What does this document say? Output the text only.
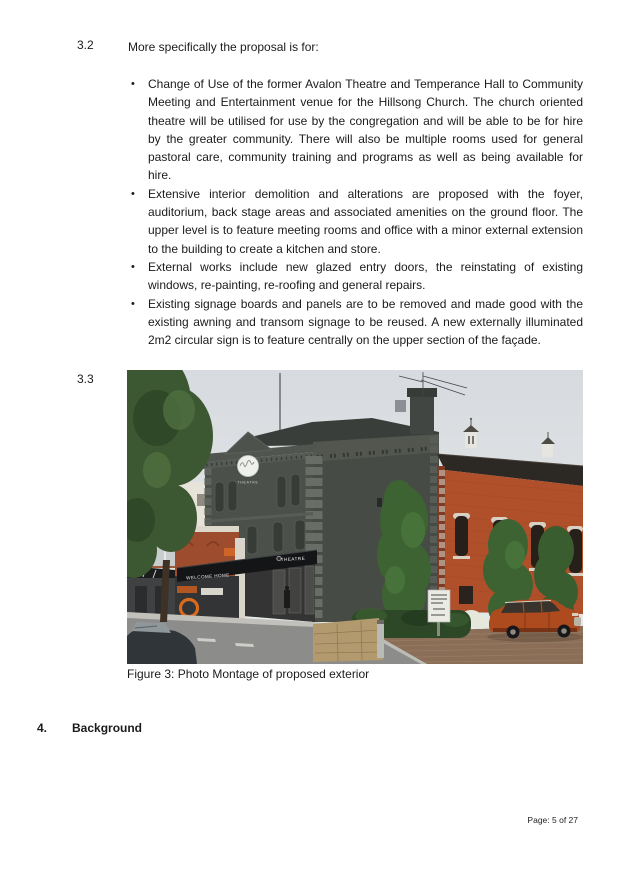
3.2	More specifically the proposal is for:
• Change of Use of the former Avalon Theatre and Temperance Hall to Community Meeting and Entertainment venue for the Hillsong Church. The church oriented theatre will be utilised for use by the congregation and will be able to be for hire by the greater community. There will also be multiple rooms used for general pastoral care, community training and programs as well as being available for hire.
• Extensive interior demolition and alterations are proposed with the foyer, auditorium, back stage areas and associated amenities on the ground floor. The upper level is to feature meeting rooms and office with a minor external extension to the building to create a kitchen and store.
• External works include new glazed entry doors, the reinstating of existing windows, re-painting, re-roofing and general repairs.
• Existing signage boards and panels are to be removed and made good with the existing awning and transom signage to be reused. A new externally illuminated 2m2 circular sign is to feature centrally on the upper section of the façade.
3.3
THEATRE
WELCOME HOME
THEATRE
Figure 3: Photo Montage of proposed exterior
4. Background
Page: 5 of 27
